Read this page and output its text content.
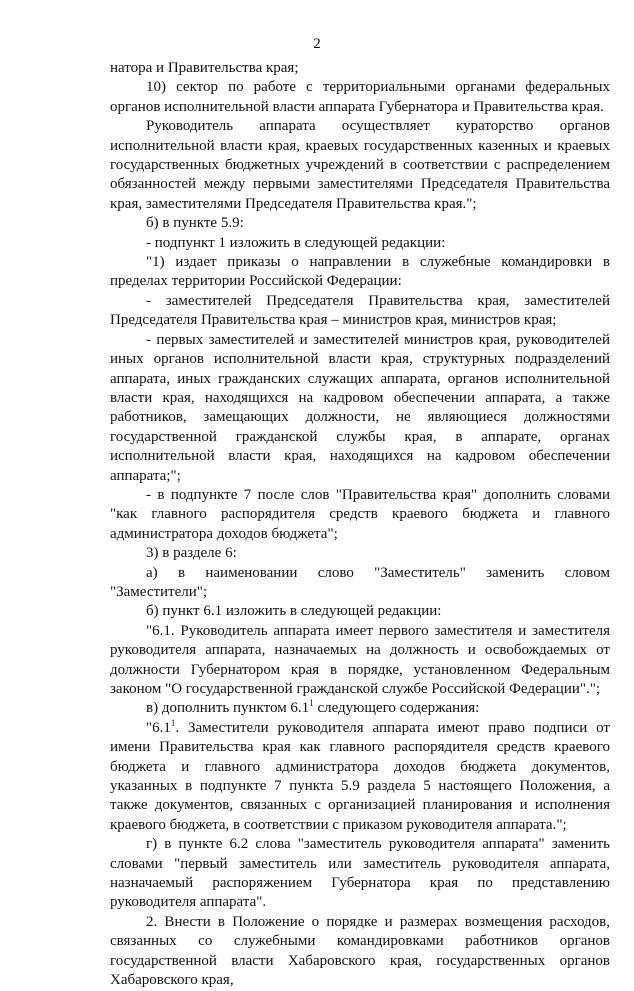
2

натора и Правительства края;

10) сектор по работе с территориальными органами федеральных органов исполнительной власти аппарата Губернатора и Правительства края.

Руководитель аппарата осуществляет кураторство органов исполнительной власти края, краевых государственных казенных и краевых государственных бюджетных учреждений в соответствии с распределением обязанностей между первыми заместителями Председателя Правительства края, заместителями Председателя Правительства края.";

б) в пункте 5.9:

- подпункт 1 изложить в следующей редакции:

"1) издает приказы о направлении в служебные командировки в пределах территории Российской Федерации:

- заместителей Председателя Правительства края, заместителей Председателя Правительства края – министров края, министров края;

- первых заместителей и заместителей министров края, руководителей иных органов исполнительной власти края, структурных подразделений аппарата, иных гражданских служащих аппарата, органов исполнительной власти края, находящихся на кадровом обеспечении аппарата, а также работников, замещающих должности, не являющиеся должностями государственной гражданской службы края, в аппарате, органах исполнительной власти края, находящихся на кадровом обеспечении аппарата;";

- в подпункте 7 после слов "Правительства края" дополнить словами "как главного распорядителя средств краевого бюджета и главного администратора доходов бюджета";

3) в разделе 6:

а) в наименовании слово "Заместитель" заменить словом "Заместители";

б) пункт 6.1 изложить в следующей редакции:

"6.1. Руководитель аппарата имеет первого заместителя и заместителя руководителя аппарата, назначаемых на должность и освобождаемых от должности Губернатором края в порядке, установленном Федеральным законом "О государственной гражданской службе Российской Федерации".";

в) дополнить пунктом $6.1^1$ следующего содержания:

"$6.1^1$. Заместители руководителя аппарата имеют право подписи от имени Правительства края как главного распорядителя средств краевого бюджета и главного администратора доходов бюджета документов, указанных в подпункте 7 пункта 5.9 раздела 5 настоящего Положения, а также документов, связанных с организацией планирования и исполнения краевого бюджета, в соответствии с приказом руководителя аппарата.";

г) в пункте 6.2 слова "заместитель руководителя аппарата" заменить словами "первый заместитель или заместитель руководителя аппарата, назначаемый распоряжением Губернатора края по представлению руководителя аппарата".

2. Внести в Положение о порядке и размерах возмещения расходов, связанных со служебными командировками работников органов государственной власти Хабаровского края, государственных органов Хабаровского края,
